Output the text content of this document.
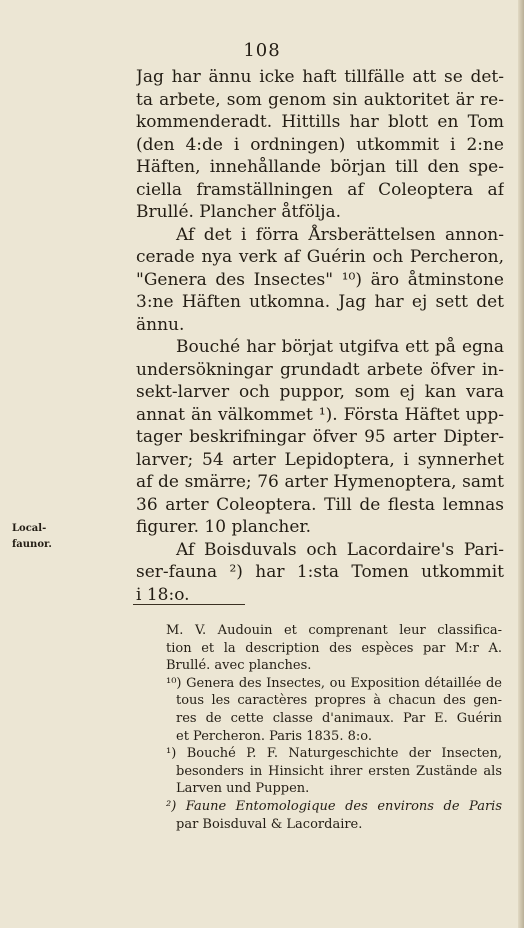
108
Jag har ännu icke haft tillfälle att se det-
ta arbete, som genom sin auktoritet är re-
kommenderadt. Hittills har blott en Tom
(den 4:de i ordningen) utkommit i 2:ne
Häften, innehållande början till den spe-
ciella framställningen af Coleoptera af
Brullé. Plancher åtfölja.
Af det i förra Årsberättelsen annon-
cerade nya verk af Guérin och Percheron,
"Genera des Insectes" ¹⁰) äro åtminstone
3:ne Häften utkomna. Jag har ej sett det
ännu.
Bouché har börjat utgifva ett på egna
undersökningar grundadt arbete öfver in-
sekt-larver och puppor, som ej kan vara
annat än välkommet ¹). Första Häftet upp-
tager beskrifningar öfver 95 arter Dipter-
larver; 54 arter Lepidoptera, i synnerhet
af de smärre; 76 arter Hymenoptera, samt
36 arter Coleoptera. Till de flesta lemnas
figurer. 10 plancher.
Af Boisduvals och Lacordaire's Pari-
ser-fauna ²) har 1:sta Tomen utkommit
i 18:o.
Local-
faunor.
M. V. Audouin et comprenant leur classifica-
tion et la description des espèces par M:r A.
Brullé. avec planches.
¹⁰) Genera des Insectes, ou Exposition détaillée de
tous les caractères propres à chacun des gen-
res de cette classe d'animaux. Par E. Guérin
et Percheron. Paris 1835. 8:o.
¹) Bouché P. F. Naturgeschichte der Insecten,
besonders in Hinsicht ihrer ersten Zustände als
Larven und Puppen.
²) Faune Entomologique des environs de Paris
par Boisduval & Lacordaire.
